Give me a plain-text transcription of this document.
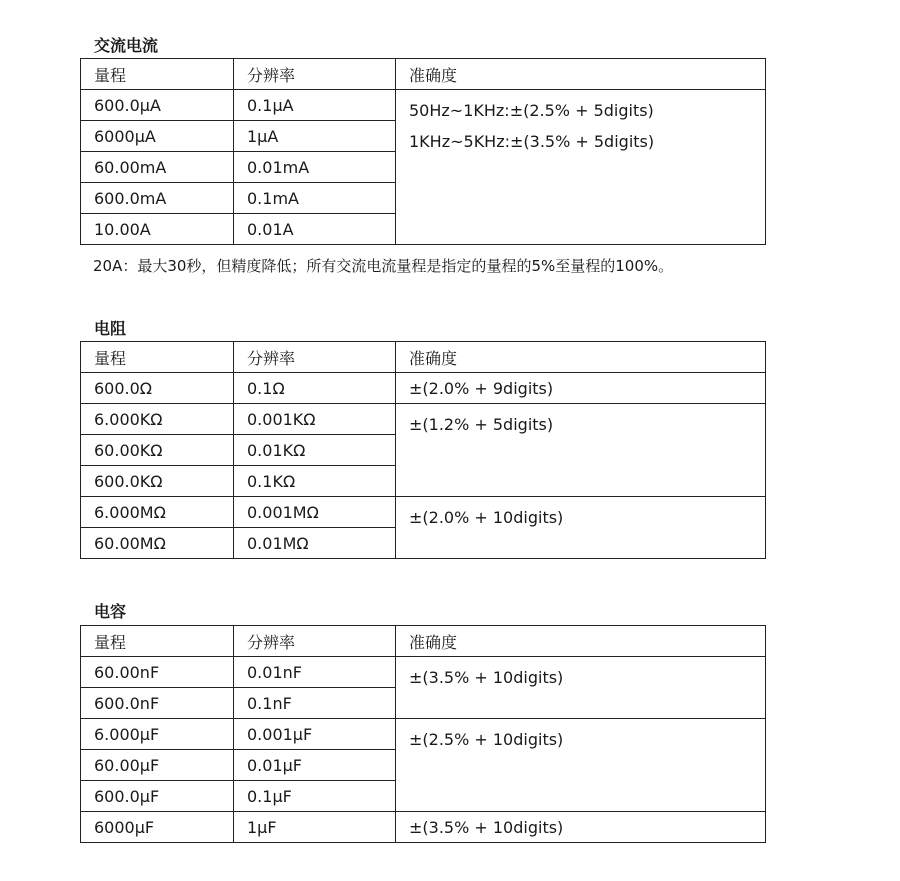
交流电流
量程	分辨率	准确度
600.0μA	0.1μA	50Hz~1KHz:±(2.5% + 5digits)
1KHz~5KHz:±(3.5% + 5digits)

6000μA	1μA	
60.00mA	0.01mA	
600.0mA	0.1mA	
10.00A	0.01A	
20A：最大30秒，但精度降低；所有交流电流量程是指定的量程的5%至量程的100%。
电阻
量程	分辨率	准确度
600.0Ω	0.1Ω	±(2.0% + 9digits)
6.000KΩ	0.001KΩ	±(1.2% + 5digits)
60.00KΩ	0.01KΩ	
600.0KΩ	0.1KΩ	
6.000MΩ	0.001MΩ	±(2.0% + 10digits)
60.00MΩ	0.01MΩ	
电容
量程	分辨率	准确度
60.00nF	0.01nF	±(3.5% + 10digits)
600.0nF	0.1nF	
6.000μF	0.001μF	±(2.5% + 10digits)
60.00μF	0.01μF	
600.0μF	0.1μF	
6000μF	1μF	±(3.5% + 10digits)
